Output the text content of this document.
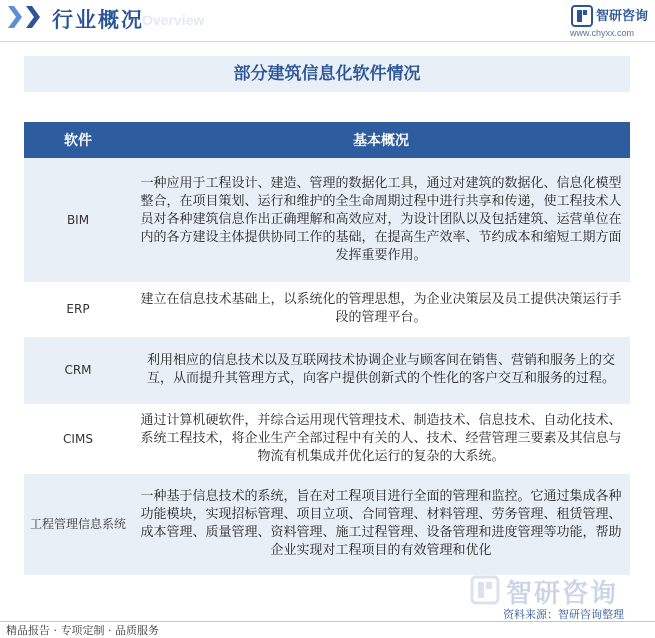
行业概况
Overview	智研咨询
www.chyxx.com
部分建筑信息化软件情况
软件	基本概况
BIM	一种应用于工程设计、建造、管理的数据化工具，通过对建筑的数据化、信息化模型整合，在项目策划、运行和维护的全生命周期过程中进行共享和传递，使工程技术人员对各种建筑信息作出正确理解和高效应对，为设计团队以及包括建筑、运营单位在内的各方建设主体提供协同工作的基础，在提高生产效率、节约成本和缩短工期方面发挥重要作用。
ERP	建立在信息技术基础上，以系统化的管理思想，为企业决策层及员工提供决策运行手段的管理平台。
CRM	利用相应的信息技术以及互联网技术协调企业与顾客间在销售、营销和服务上的交互，从而提升其管理方式，向客户提供创新式的个性化的客户交互和服务的过程。
CIMS	通过计算机硬软件，并综合运用现代管理技术、制造技术、信息技术、自动化技术、系统工程技术，将企业生产全部过程中有关的人、技术、经营管理三要素及其信息与物流有机集成并优化运行的复杂的大系统。
工程管理信息系统	一种基于信息技术的系统，旨在对工程项目进行全面的管理和监控。它通过集成各种功能模块，实现招标管理、项目立项、合同管理、材料管理、劳务管理、租赁管理、成本管理、质量管理、资料管理、施工过程管理、设备管理和进度管理等功能，帮助企业实现对工程项目的有效管理和优化
智研咨询
资料来源：智研咨询整理
精品报告 · 专项定制 · 品质服务
